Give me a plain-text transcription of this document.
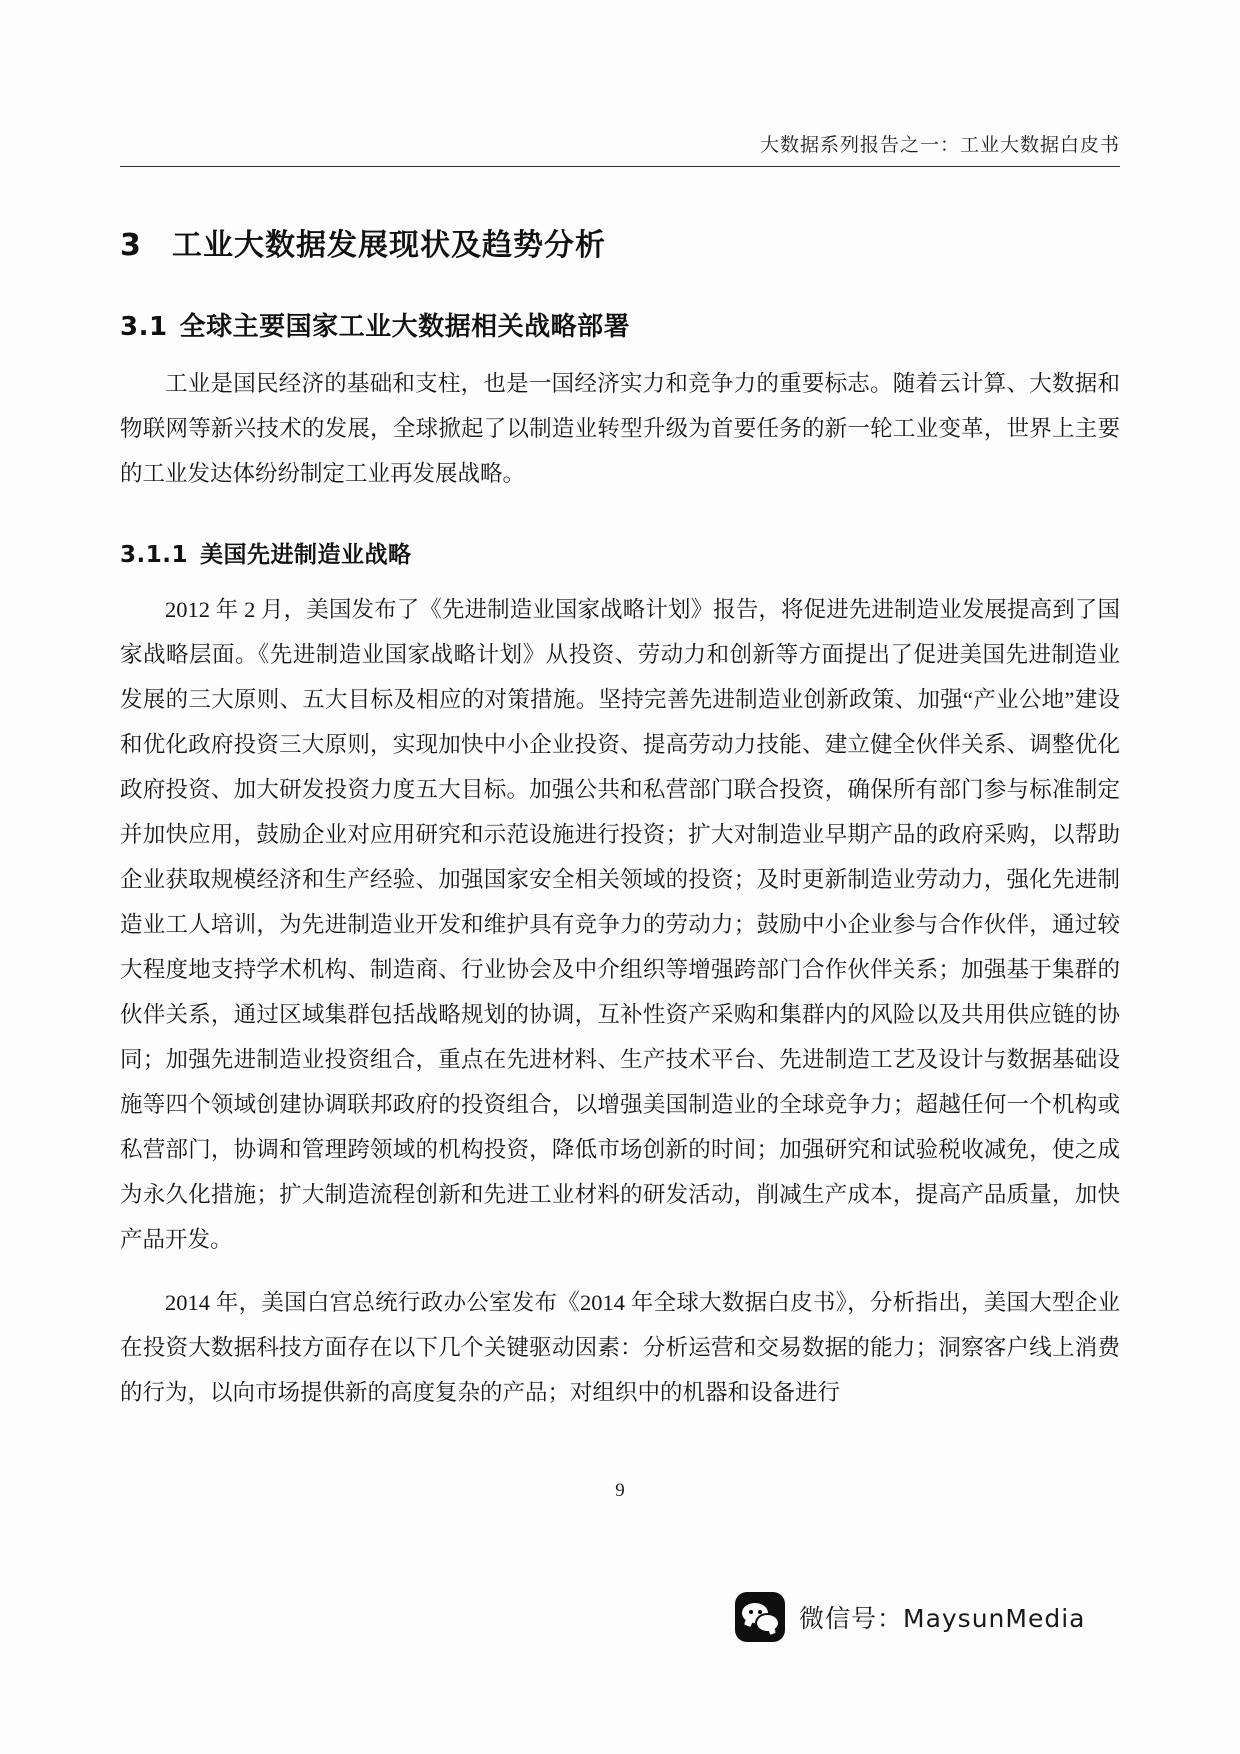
大数据系列报告之一：工业大数据白皮书
3 工业大数据发展现状及趋势分析
3.1 全球主要国家工业大数据相关战略部署

工业是国民经济的基础和支柱，也是一国经济实力和竞争力的重要标志。随着云计算、大数据和物联网等新兴技术的发展，全球掀起了以制造业转型升级为首要任务的新一轮工业变革，世界上主要的工业发达体纷纷制定工业再发展战略。

3.1.1 美国先进制造业战略

2012 年 2 月，美国发布了《先进制造业国家战略计划》报告，将促进先进制造业发展提高到了国家战略层面。《先进制造业国家战略计划》从投资、劳动力和创新等方面提出了促进美国先进制造业发展的三大原则、五大目标及相应的对策措施。坚持完善先进制造业创新政策、加强“产业公地”建设和优化政府投资三大原则，实现加快中小企业投资、提高劳动力技能、建立健全伙伴关系、调整优化政府投资、加大研发投资力度五大目标。加强公共和私营部门联合投资，确保所有部门参与标准制定并加快应用，鼓励企业对应用研究和示范设施进行投资；扩大对制造业早期产品的政府采购，以帮助企业获取规模经济和生产经验、加强国家安全相关领域的投资；及时更新制造业劳动力，强化先进制造业工人培训，为先进制造业开发和维护具有竞争力的劳动力；鼓励中小企业参与合作伙伴，通过较大程度地支持学术机构、制造商、行业协会及中介组织等增强跨部门合作伙伴关系；加强基于集群的伙伴关系，通过区域集群包括战略规划的协调，互补性资产采购和集群内的风险以及共用供应链的协同；加强先进制造业投资组合，重点在先进材料、生产技术平台、先进制造工艺及设计与数据基础设施等四个领域创建协调联邦政府的投资组合，以增强美国制造业的全球竞争力；超越任何一个机构或私营部门，协调和管理跨领域的机构投资，降低市场创新的时间；加强研究和试验税收减免，使之成为永久化措施；扩大制造流程创新和先进工业材料的研发活动，削减生产成本，提高产品质量，加快产品开发。

2014 年，美国白宫总统行政办公室发布《2014 年全球大数据白皮书》，分析指出，美国大型企业在投资大数据科技方面存在以下几个关键驱动因素：分析运营和交易数据的能力；洞察客户线上消费的行为，以向市场提供新的高度复杂的产品；对组织中的机器和设备进行

9
微信号：MaysunMedia
